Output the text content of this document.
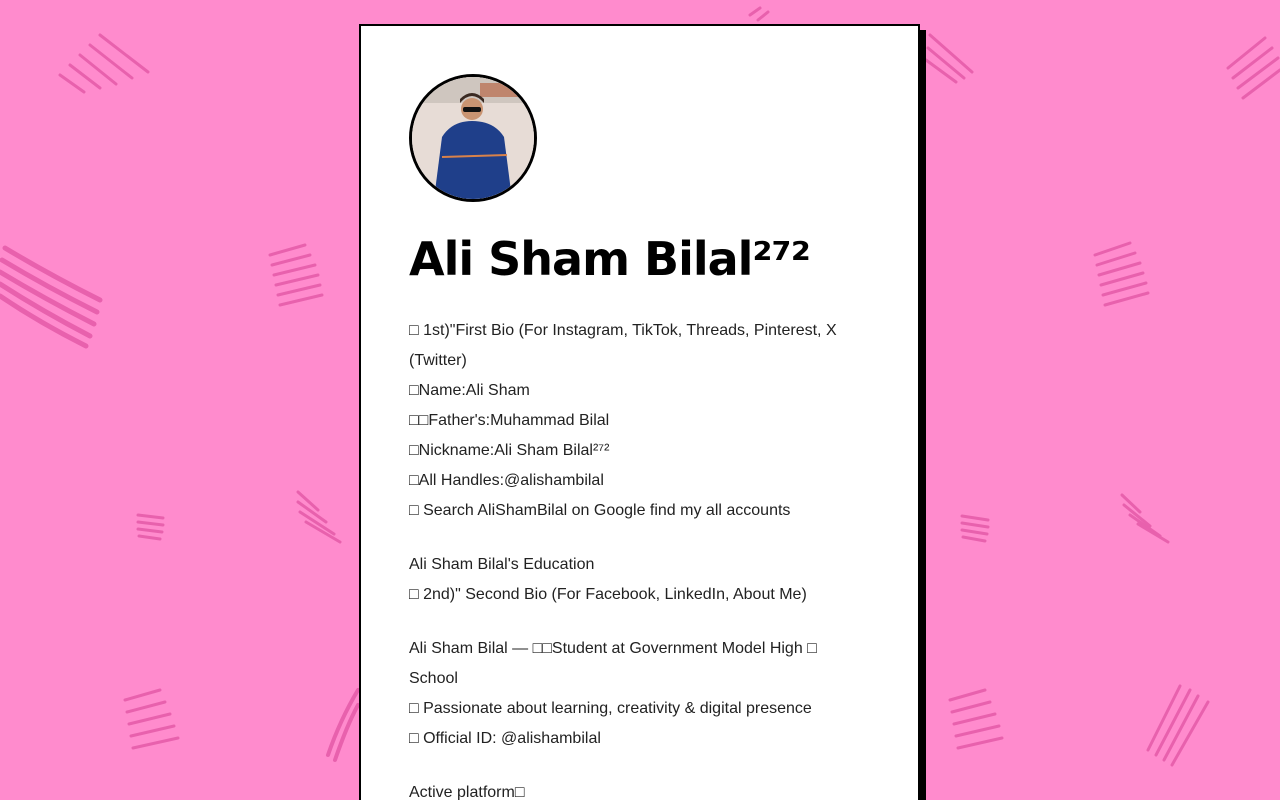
Ali Sham Bilal²⁷²

□ 1st)"First Bio (For Instagram, TikTok, Threads, Pinterest, X (Twitter)

□Name:Ali Sham

□□Father's:Muhammad Bilal

□Nickname:Ali Sham Bilal²⁷²

□All Handles:@alishambilal

□ Search AliShamBilal on Google find my all accounts

Ali Sham Bilal's Education

□ 2nd)" Second Bio (For Facebook, LinkedIn, About Me)

Ali Sham Bilal — □□Student at Government Model High □ School

□ Passionate about learning, creativity & digital presence

□ Official ID: @alishambilal

Active platform□
